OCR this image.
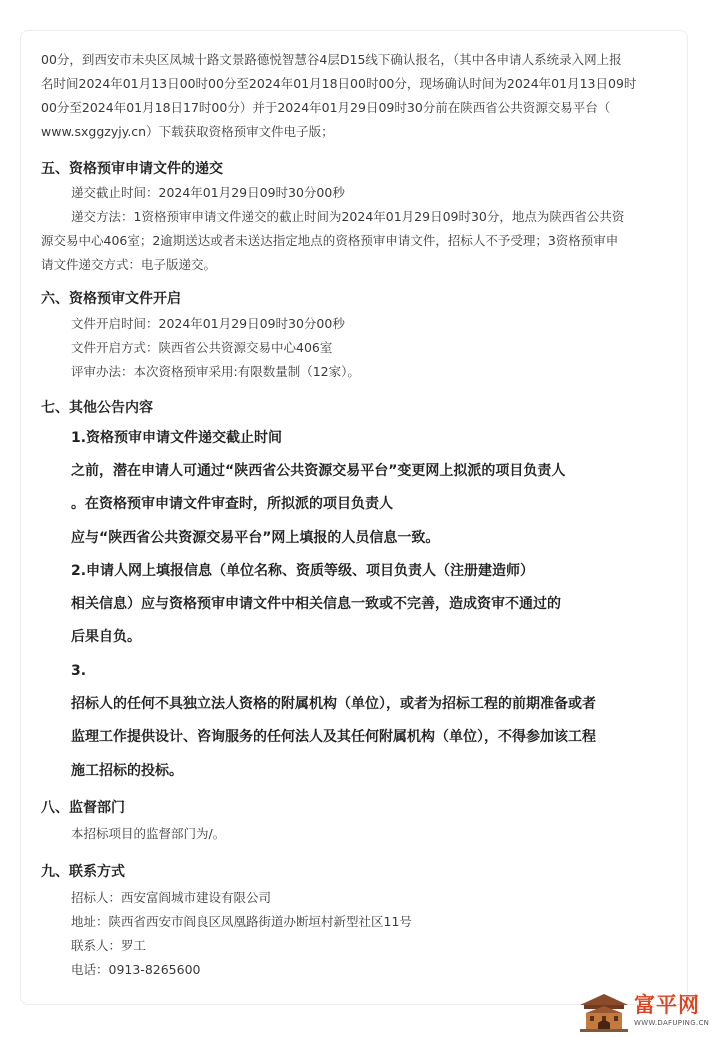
00分，到西安市未央区凤城十路文景路德悦智慧谷4层D15线下确认报名，（其中各申请人系统录入网上报
名时间2024年01月13日00时00分至2024年01月18日00时00分，现场确认时间为2024年01月13日09时
00分至2024年01月18日17时00分）并于2024年01月29日09时30分前在陕西省公共资源交易平台（
www.sxggzyjy.cn）下载获取资格预审文件电子版；
五、资格预审申请文件的递交
递交截止时间：2024年01月29日09时30分00秒
递交方法：1资格预审申请文件递交的截止时间为2024年01月29日09时30分，地点为陕西省公共资
源交易中心406室；2逾期送达或者未送达指定地点的资格预审申请文件，招标人不予受理；3资格预审申
请文件递交方式：电子版递交。
六、资格预审文件开启
文件开启时间：2024年01月29日09时30分00秒
文件开启方式：陕西省公共资源交易中心406室
评审办法：本次资格预审采用:有限数量制（12家）。
七、其他公告内容
1.资格预审申请文件递交截止时间
之前，潜在申请人可通过“陕西省公共资源交易平台”变更网上拟派的项目负责人
。在资格预审申请文件审查时，所拟派的项目负责人
应与“陕西省公共资源交易平台”网上填报的人员信息一致。
2.申请人网上填报信息（单位名称、资质等级、项目负责人（注册建造师）
相关信息）应与资格预审申请文件中相关信息一致或不完善，造成资审不通过的
后果自负。
3.
招标人的任何不具独立法人资格的附属机构（单位），或者为招标工程的前期准备或者
监理工作提供设计、咨询服务的任何法人及其任何附属机构（单位），不得参加该工程
施工招标的投标。
八、监督部门
本招标项目的监督部门为/。
九、联系方式
招标人：西安富阎城市建设有限公司
地址：陕西省西安市阎良区凤凰路街道办断垣村新型社区11号
联系人：罗工
电话：0913-8265600
富平网
WWW.DAFUPING.CN
